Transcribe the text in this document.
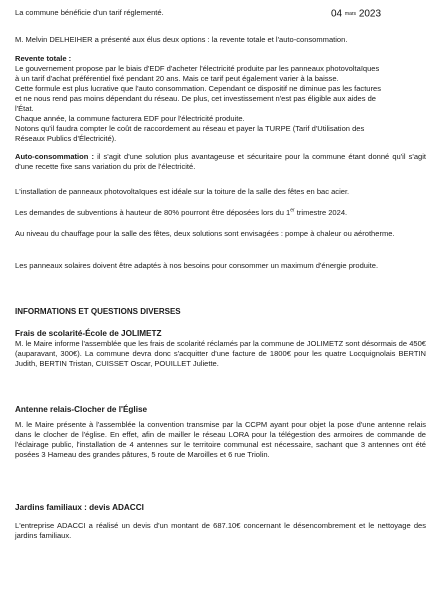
04 mars 2023

La commune bénéficie d'un tarif réglementé.

M. Melvin DELHEIHER a présenté aux élus deux options : la revente totale et l'auto-consommation.

Revente totale :

Le gouvernement propose par le biais d'EDF d'acheter l'électricité produite par les panneaux photovoltaïques

à un tarif d'achat préférentiel fixé pendant 20 ans. Mais ce tarif peut également varier à la baisse.

Cette formule est plus lucrative que l'auto consommation. Cependant ce dispositif ne diminue pas les factures

et ne nous rend pas moins dépendant du réseau. De plus, cet investissement n'est pas éligible aux aides de

l'État.

Chaque année, la commune facturera EDF pour l'électricité produite.

Notons qu'il faudra compter le coût de raccordement au réseau et payer la TURPE (Tarif d'Utilisation des

Réseaux Publics d'Électricité).

Auto-consommation : il s'agit d'une solution plus avantageuse et sécuritaire pour la commune étant donné qu'il s'agit d'une recette fixe sans variation du prix de l'électricité.

L'installation de panneaux photovoltaïques est idéale sur la toiture de la salle des fêtes en bac acier.

Les demandes de subventions à hauteur de 80% pourront être déposées lors du 1er trimestre 2024.

Au niveau du chauffage pour la salle des fêtes, deux solutions sont envisagées : pompe à chaleur ou aérotherme.

Les panneaux solaires doivent être adaptés à nos besoins pour consommer un maximum d'énergie produite.

INFORMATIONS ET QUESTIONS DIVERSES

Frais de scolarité-École de JOLIMETZ

M. le Maire informe l'assemblée que les frais de scolarité réclamés par la commune de JOLIMETZ sont désormais de 450€ (auparavant, 300€). La commune devra donc s'acquitter d'une facture de 1800€ pour les quatre Locquignolais BERTIN Judith, BERTIN Tristan, CUISSET Oscar, POUILLET Juliette.

Antenne relais-Clocher de l'Église

M. le Maire présente à l'assemblée la convention transmise par la CCPM ayant pour objet la pose d'une antenne relais dans le clocher de l'église. En effet, afin de mailler le réseau LORA pour la télégestion des armoires de commande de l'éclairage public, l'installation de 4 antennes sur le territoire communal est nécessaire, sachant que 3 antennes ont été posées 3 Hameau des grandes pâtures, 5 route de Maroilles et 6 rue Triolin.

Jardins familiaux : devis ADACCI

L'entreprise ADACCI a réalisé un devis d'un montant de 687.10€ concernant le désencombrement et le nettoyage des jardins familiaux.
